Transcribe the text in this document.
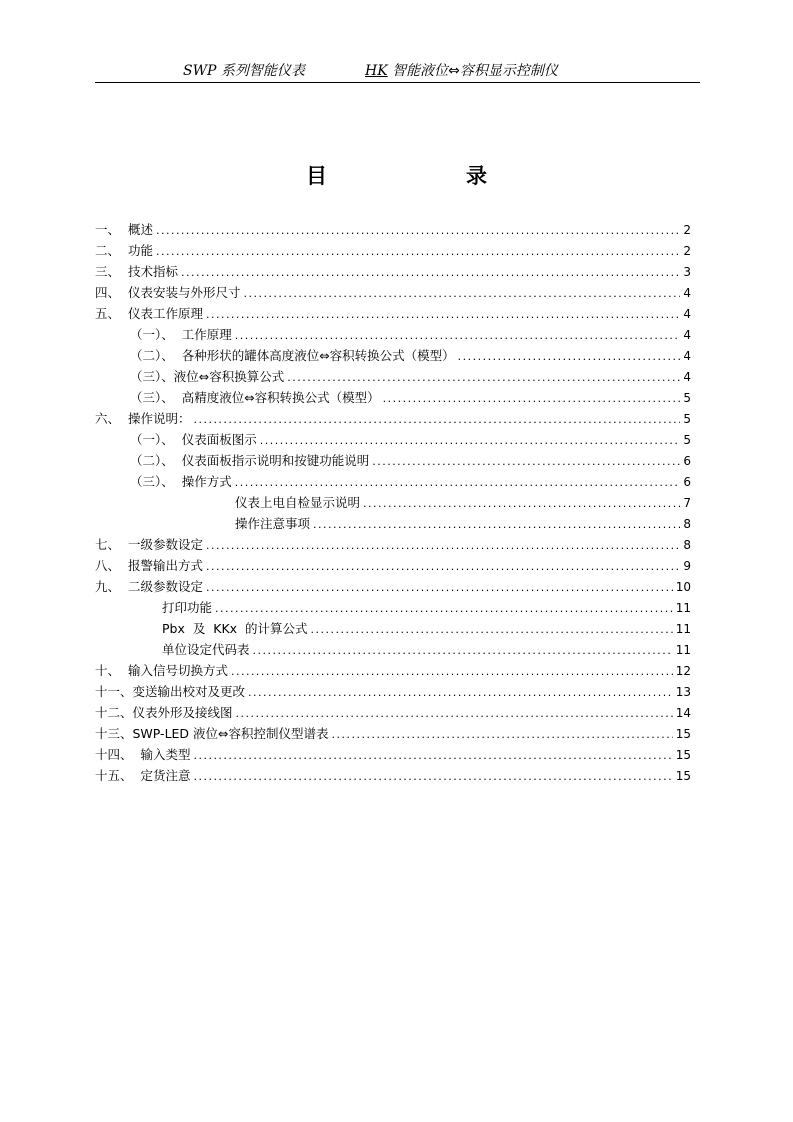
SWP 系列智能仪表	HK 智能液位⇔容积显示控制仪
目	录
一、  概述 .....	2
二、  功能 .....	2
三、  技术指标 .....	3
四、  仪表安装与外形尺寸 .....	4
五、  仪表工作原理 .....	4
（一）、  工作原理 .....	4
（二）、  各种形状的罐体高度液位⇔容积转换公式（模型） .....	4
（三）、液位⇔容积换算公式 .....	4
（三）、  高精度液位⇔容积转换公式（模型） .....	5
六、  操作说明： .....	5
（一）、  仪表面板图示 .....	5
（二）、  仪表面板指示说明和按键功能说明 .....	6
（三）、  操作方式 .....	6
仪表上电自检显示说明 .....	7
操作注意事项 .....	8
七、  一级参数设定 .....	8
八、  报警输出方式 .....	9
九、  二级参数设定 .....	10
打印功能 .....	11
Pbx  及  KKx  的计算公式 .....	11
单位设定代码表 .....	11
十、  输入信号切换方式 .....	12
十一、变送输出校对及更改 .....	13
十二、仪表外形及接线图 .....	14
十三、SWP-LED 液位⇔容积控制仪型谱表 .....	15
十四、  输入类型 .....	15
十五、  定货注意 .....	15
